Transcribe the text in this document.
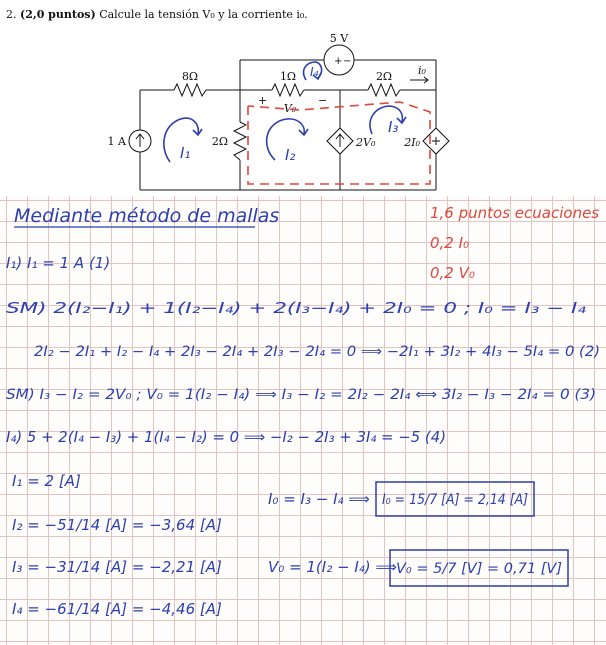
2. (2,0 puntos) Calcule la tensión V₀ y la corriente i₀.
5 V
+ −
8Ω	1Ω	2Ω
2Ω
1 A
+
V₀
−
2V₀	2I₀
i₀
I₁	I₂
I₃
I₄
Mediante método de mallas	1,6 puntos ecuaciones
0,2 I₀
0,2 V₀
I₁) I₁ = 1 A (1)
SM) 2(I₂−I₁) + 1(I₂−I₄) + 2(I₃−I₄) + 2I₀ = 0 ; I₀ = I₃ − I₄
2I₂ − 2I₁ + I₂ − I₄ + 2I₃ − 2I₄ + 2I₃ − 2I₄ = 0 ⟹ −2I₁ + 3I₂ + 4I₃ − 5I₄ = 0 (2)
SM) I₃ − I₂ = 2V₀ ; V₀ = 1(I₂ − I₄) ⟹ I₃ − I₂ = 2I₂ − 2I₄ ⟺ 3I₂ − I₃ − 2I₄ = 0 (3)
I₄) 5 + 2(I₄ − I₃) + 1(I₄ − I₂) = 0 ⟹ −I₂ − 2I₃ + 3I₄ = −5 (4)
I₁ = 2 [A]
I₂ = −51/14 [A] = −3,64 [A]
I₃ = −31/14 [A] = −2,21 [A]
I₄ = −61/14 [A] = −4,46 [A]
I₀ = I₃ − I₄ ⟹ I₀ = 15/7 [A] = 2,14 [A]
V₀ = 1(I₂ − I₄) ⟹ V₀ = 5/7 [V] = 0,71 [V]
